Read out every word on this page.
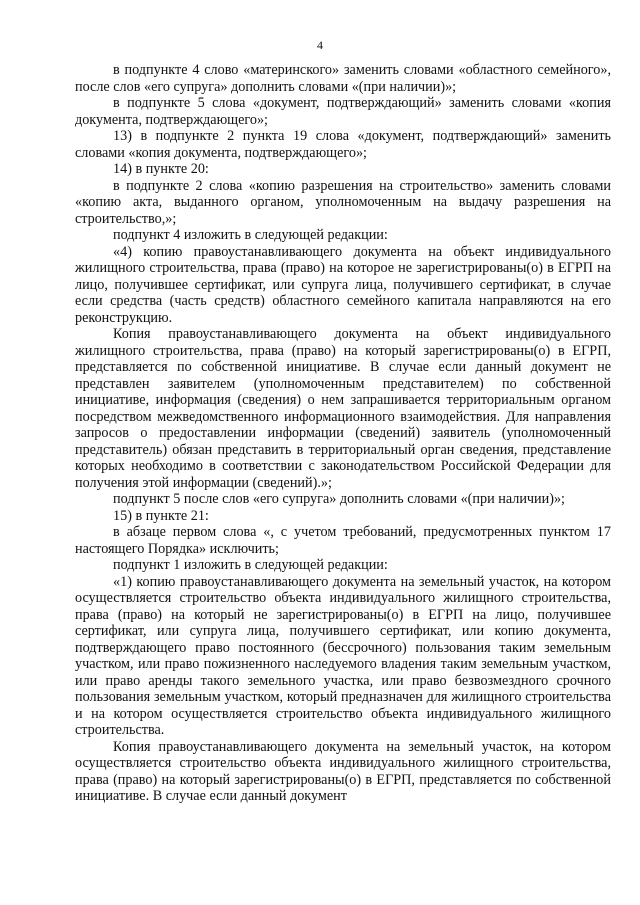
4

в подпункте 4 слово «материнского» заменить словами «областного семейного», после слов «его супруга» дополнить словами «(при наличии)»;

в подпункте 5 слова «документ, подтверждающий» заменить словами «копия документа, подтверждающего»;

13) в подпункте 2 пункта 19 слова «документ, подтверждающий» заменить словами «копия документа, подтверждающего»;

14) в пункте 20:

в подпункте 2 слова «копию разрешения на строительство» заменить словами «копию акта, выданного органом, уполномоченным на выдачу разрешения на строительство,»;

подпункт 4 изложить в следующей редакции:

«4) копию правоустанавливающего документа на объект индивидуального жилищного строительства, права (право) на которое не зарегистрированы(о) в ЕГРП на лицо, получившее сертификат, или супруга лица, получившего сертификат, в случае если средства (часть средств) областного семейного капитала направляются на его реконструкцию.

Копия правоустанавливающего документа на объект индивидуального жилищного строительства, права (право) на который зарегистрированы(о) в ЕГРП, представляется по собственной инициативе. В случае если данный документ не представлен заявителем (уполномоченным представителем) по собственной инициативе, информация (сведения) о нем запрашивается территориальным органом посредством межведомственного информационного взаимодействия. Для направления запросов о предоставлении информации (сведений) заявитель (уполномоченный представитель) обязан представить в территориальный орган сведения, представление которых необходимо в соответствии с законодательством Российской Федерации для получения этой информации (сведений).»;

подпункт 5 после слов «его супруга» дополнить словами «(при наличии)»;

15) в пункте 21:

в абзаце первом слова «, с учетом требований, предусмотренных пунктом 17 настоящего Порядка» исключить;

подпункт 1 изложить в следующей редакции:

«1) копию правоустанавливающего документа на земельный участок, на котором осуществляется строительство объекта индивидуального жилищного строительства, права (право) на который не зарегистрированы(о) в ЕГРП на лицо, получившее сертификат, или супруга лица, получившего сертификат, или копию документа, подтверждающего право постоянного (бессрочного) пользования таким земельным участком, или право пожизненного наследуемого владения таким земельным участком, или право аренды такого земельного участка, или право безвозмездного срочного пользования земельным участком, который предназначен для жилищного строительства и на котором осуществляется строительство объекта индивидуального жилищного строительства.

Копия правоустанавливающего документа на земельный участок, на котором осуществляется строительство объекта индивидуального жилищного строительства, права (право) на который зарегистрированы(о) в ЕГРП, представляется по собственной инициативе. В случае если данный документ
